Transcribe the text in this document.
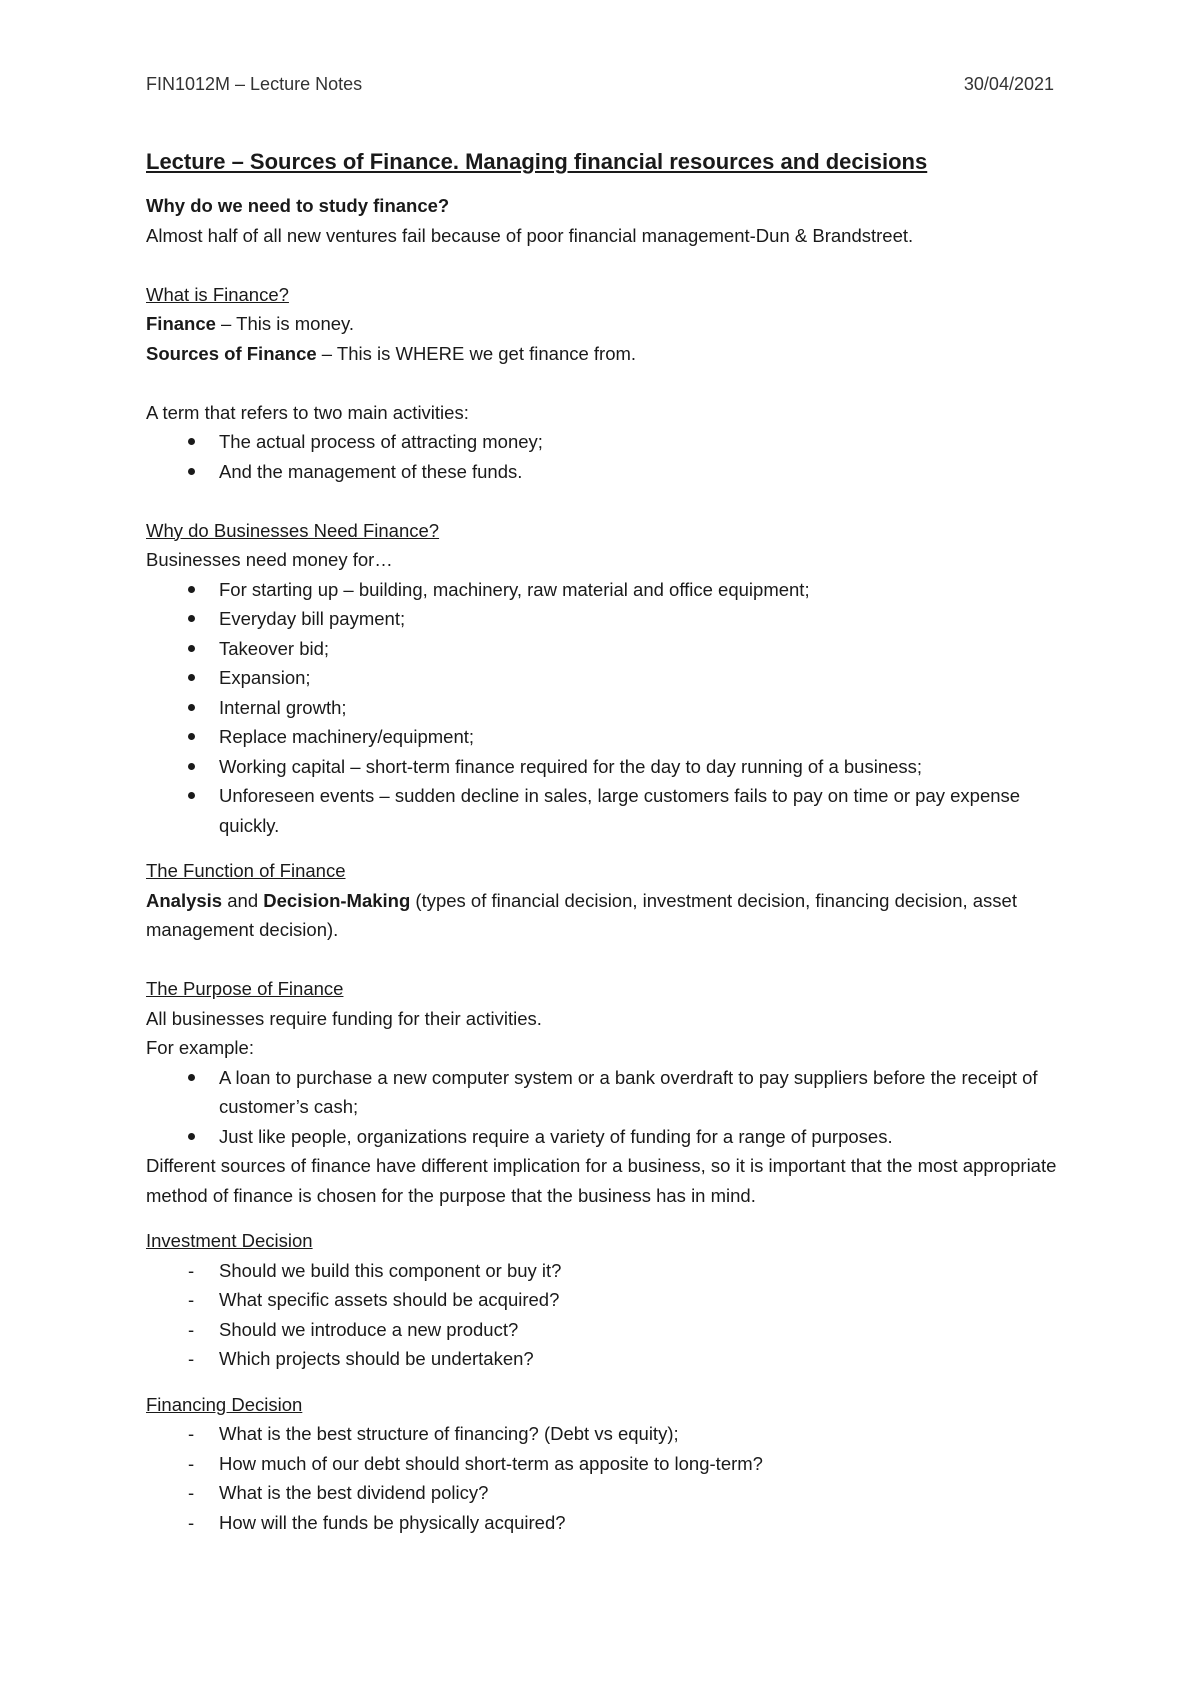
FIN1012M – Lecture Notes	30/04/2021

Lecture – Sources of Finance. Managing financial resources and decisions

Why do we need to study finance?

Almost half of all new ventures fail because of poor financial management-Dun & Brandstreet.

What is Finance?

Finance – This is money.

Sources of Finance – This is WHERE we get finance from.

A term that refers to two main activities:

The actual process of attracting money;
And the management of these funds.

Why do Businesses Need Finance?

Businesses need money for…

For starting up – building, machinery, raw material and office equipment;
Everyday bill payment;
Takeover bid;
Expansion;
Internal growth;
Replace machinery/equipment;
Working capital – short-term finance required for the day to day running of a business;
Unforeseen events – sudden decline in sales, large customers fails to pay on time or pay expense quickly.

The Function of Finance

Analysis and Decision-Making (types of financial decision, investment decision, financing decision, asset management decision).

The Purpose of Finance

All businesses require funding for their activities.

For example:

A loan to purchase a new computer system or a bank overdraft to pay suppliers before the receipt of customer’s cash;
Just like people, organizations require a variety of funding for a range of purposes.

Different sources of finance have different implication for a business, so it is important that the most appropriate method of finance is chosen for the purpose that the business has in mind.

Investment Decision

- Should we build this component or buy it?
- What specific assets should be acquired?
- Should we introduce a new product?
- Which projects should be undertaken?

Financing Decision

- What is the best structure of financing? (Debt vs equity);
- How much of our debt should short-term as apposite to long-term?
- What is the best dividend policy?
- How will the funds be physically acquired?
